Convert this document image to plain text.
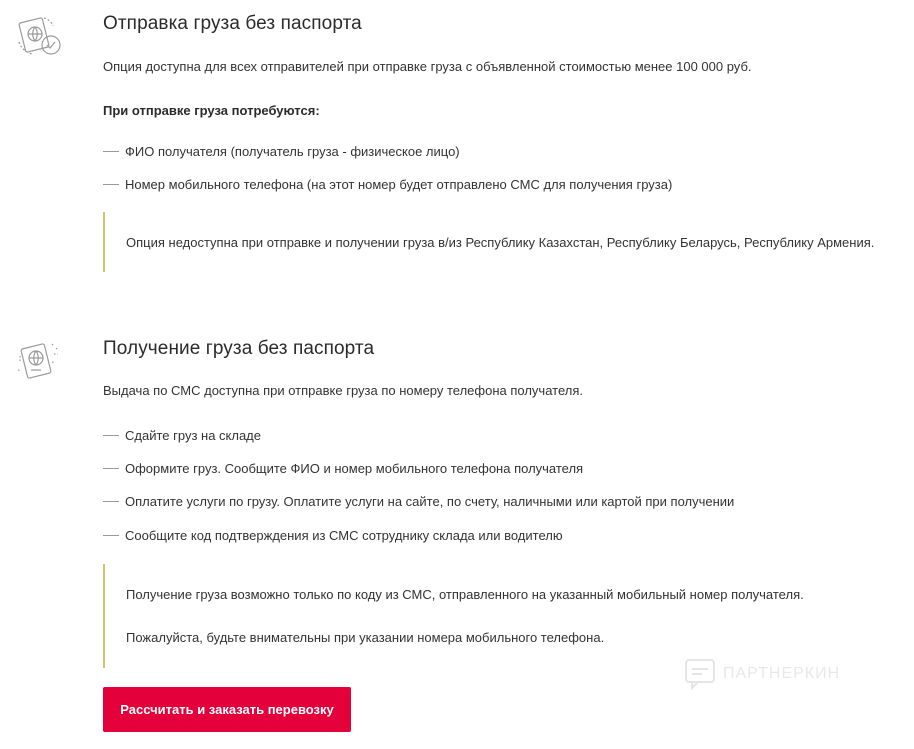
Отправка груза без паспорта
Опция доступна для всех отправителей при отправке груза с объявленной стоимостью менее 100 000 руб.
При отправке груза потребуются:
ФИО получателя (получатель груза - физическое лицо)
Номер мобильного телефона (на этот номер будет отправлено СМС для получения груза)
Опция недоступна при отправке и получении груза в/из Республику Казахстан, Республику Беларусь, Республику Армения.
Получение груза без паспорта
Выдача по СМС доступна при отправке груза по номеру телефона получателя.
Сдайте груз на складе
Оформите груз. Сообщите ФИО и номер мобильного телефона получателя
Оплатите услуги по грузу. Оплатите услуги на сайте, по счету, наличными или картой при получении
Сообщите код подтверждения из СМС сотруднику склада или водителю
Получение груза возможно только по коду из СМС, отправленного на указанный мобильный номер получателя.
Пожалуйста, будьте внимательны при указании номера мобильного телефона.
ПАРТНЕРКИН
Рассчитать и заказать перевозку
